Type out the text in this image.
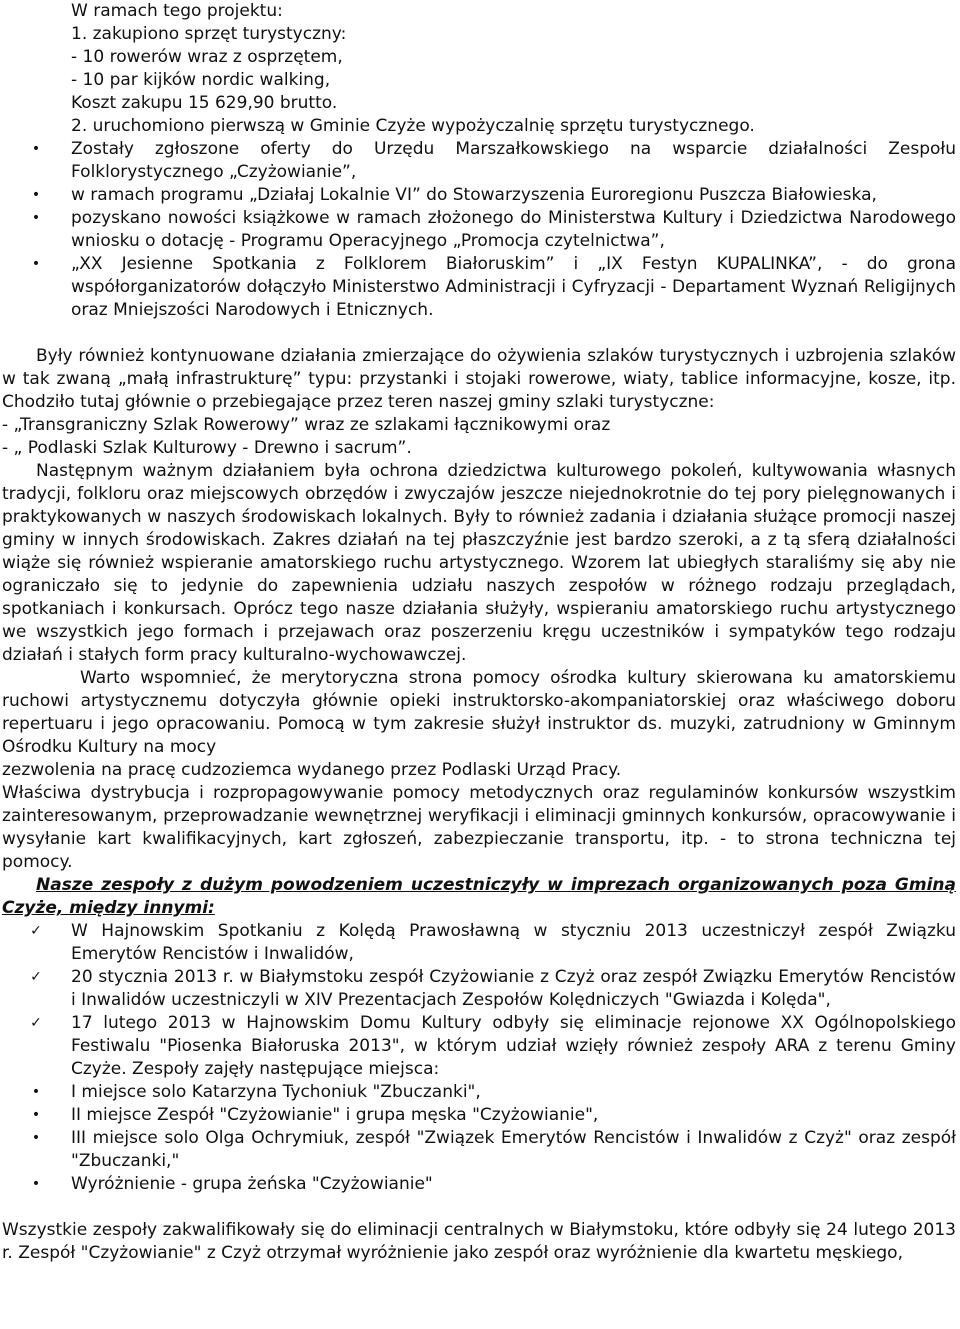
W ramach tego projektu:
1. zakupiono sprzęt turystyczny:
- 10 rowerów wraz z osprzętem,
- 10 par kijków nordic walking,
Koszt zakupu 15 629,90 brutto.
2. uruchomiono pierwszą w Gminie Czyże wypożyczalnię sprzętu turystycznego.
• Zostały zgłoszone oferty do Urzędu Marszałkowskiego na wsparcie działalności Zespołu Folklorystycznego „Czyżowianie”,
• w ramach programu „Działaj Lokalnie VI” do Stowarzyszenia Euroregionu Puszcza Białowieska,
• pozyskano nowości książkowe w ramach złożonego do Ministerstwa Kultury i Dziedzictwa Narodowego wniosku o dotację - Programu Operacyjnego „Promocja czytelnictwa”,
• „XX Jesienne Spotkania z Folklorem Białoruskim” i „IX Festyn KUPALINKA”, - do grona współorganizatorów dołączyło Ministerstwo Administracji i Cyfryzacji - Departament Wyznań Religijnych oraz Mniejszości Narodowych i Etnicznych.
Były również kontynuowane działania zmierzające do ożywienia szlaków turystycznych i uzbrojenia szlaków w tak zwaną „małą infrastrukturę” typu: przystanki i stojaki rowerowe, wiaty, tablice informacyjne, kosze, itp. Chodziło tutaj głównie o przebiegające przez teren naszej gminy szlaki turystyczne:
- „Transgraniczny Szlak Rowerowy” wraz ze szlakami łącznikowymi oraz
- „ Podlaski Szlak Kulturowy - Drewno i sacrum”.
Następnym ważnym działaniem była ochrona dziedzictwa kulturowego pokoleń, kultywowania własnych tradycji, folkloru oraz miejscowych obrzędów i zwyczajów jeszcze niejednokrotnie do tej pory pielęgnowanych i praktykowanych w naszych środowiskach lokalnych. Były to również zadania i działania służące promocji naszej gminy w innych środowiskach. Zakres działań na tej płaszczyźnie jest bardzo szeroki, a z tą sferą działalności wiąże się również wspieranie amatorskiego ruchu artystycznego. Wzorem lat ubiegłych staraliśmy się aby nie ograniczało się to jedynie do zapewnienia udziału naszych zespołów w różnego rodzaju przeglądach, spotkaniach i konkursach. Oprócz tego nasze działania służyły, wspieraniu amatorskiego ruchu artystycznego we wszystkich jego formach i przejawach oraz poszerzeniu kręgu uczestników i sympatyków tego rodzaju działań i stałych form pracy kulturalno-wychowawczej.
Warto wspomnieć, że merytoryczna strona pomocy ośrodka kultury skierowana ku amatorskiemu ruchowi artystycznemu dotyczyła głównie opieki instruktorsko-akompaniatorskiej oraz właściwego doboru repertuaru i jego opracowaniu. Pomocą w tym zakresie służył instruktor ds. muzyki, zatrudniony w Gminnym Ośrodku Kultury na mocy
zezwolenia na pracę cudzoziemca wydanego przez Podlaski Urząd Pracy.
Właściwa dystrybucja i rozpropagowywanie pomocy metodycznych oraz regulaminów konkursów wszystkim zainteresowanym, przeprowadzanie wewnętrznej weryfikacji i eliminacji gminnych konkursów, opracowywanie i wysyłanie kart kwalifikacyjnych, kart zgłoszeń, zabezpieczanie transportu, itp. - to strona techniczna tej pomocy.
Nasze zespoły z dużym powodzeniem uczestniczyły w imprezach organizowanych poza Gminą Czyże, między innymi:
✓ W Hajnowskim Spotkaniu z Kolędą Prawosławną w styczniu 2013 uczestniczył zespół Związku Emerytów Rencistów i Inwalidów,
✓ 20 stycznia 2013 r. w Białymstoku zespół Czyżowianie z Czyż oraz zespół Związku Emerytów Rencistów i Inwalidów uczestniczyli w XIV Prezentacjach Zespołów Kolędniczych "Gwiazda i Kolęda",
✓ 17 lutego 2013 w Hajnowskim Domu Kultury odbyły się eliminacje rejonowe XX Ogólnopolskiego Festiwalu "Piosenka Białoruska 2013", w którym udział wzięły również zespoły ARA z terenu Gminy Czyże. Zespoły zajęły następujące miejsca:
• I miejsce solo Katarzyna Tychoniuk "Zbuczanki",
• II miejsce Zespół "Czyżowianie" i grupa męska "Czyżowianie",
• III miejsce solo Olga Ochrymiuk, zespół "Związek Emerytów Rencistów i Inwalidów z Czyż" oraz zespół "Zbuczanki,"
• Wyróżnienie - grupa żeńska "Czyżowianie"
Wszystkie zespoły zakwalifikowały się do eliminacji centralnych w Białymstoku, które odbyły się 24 lutego 2013 r. Zespół "Czyżowianie" z Czyż otrzymał wyróżnienie jako zespół oraz wyróżnienie dla kwartetu męskiego,
